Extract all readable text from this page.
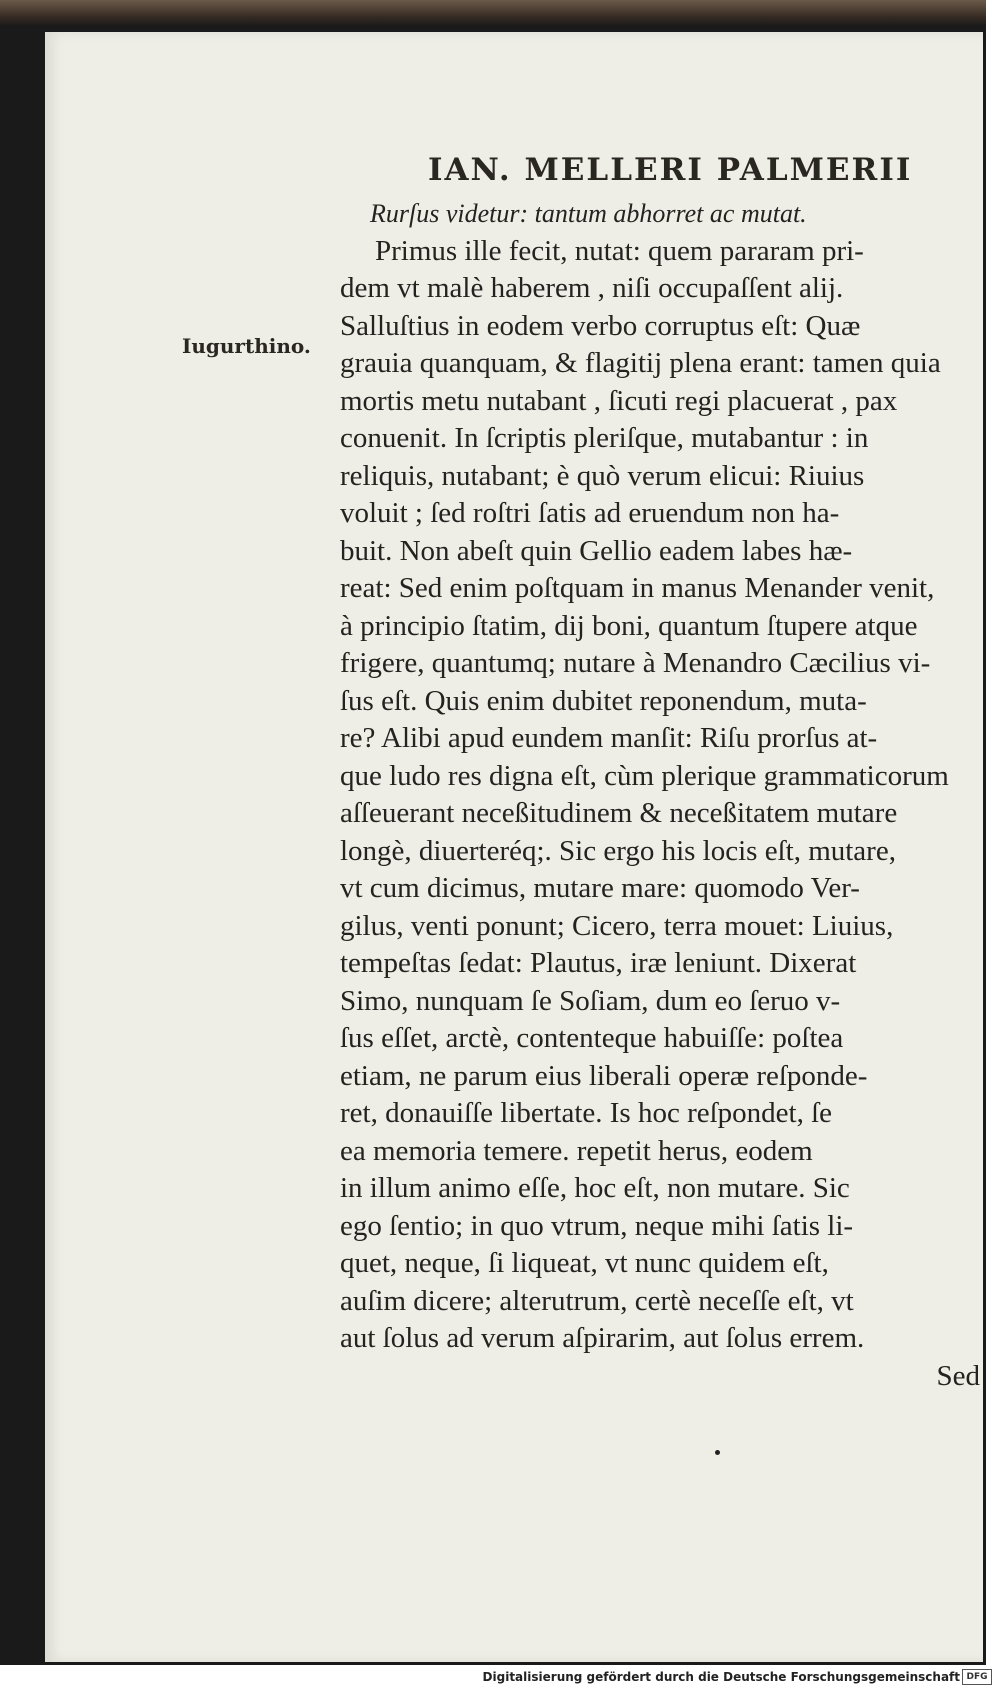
IAN. MELLERI PALMERII
Iugurthino.
Rurſus videtur: tantum abhorret ac mutat.
Primus ille fecit, nutat: quem pararam pri-
dem vt malè haberem , niſi occupaſſent alij.
Salluſtius in eodem verbo corruptus eſt: Quæ
grauia quanquam, & flagitij plena erant: tamen quia
mortis metu nutabant , ſicuti regi placuerat , pax
conuenit. In ſcriptis pleriſque, mutabantur : in
reliquis, nutabant; è quò verum elicui: Riuius
voluit ; ſed roſtri ſatis ad eruendum non ha-
buit. Non abeſt quin Gellio eadem labes hæ-
reat: Sed enim poſtquam in manus Menander venit,
à principio ſtatim, dij boni, quantum ſtupere atque
frigere, quantumq; nutare à Menandro Cæcilius vi-
ſus eſt. Quis enim dubitet reponendum, muta-
re? Alibi apud eundem manſit: Riſu prorſus at-
que ludo res digna eſt, cùm plerique grammaticorum
aſſeuerant neceßitudinem & neceßitatem mutare
longè, diuerteréq;. Sic ergo his locis eſt, mutare,
vt cum dicimus, mutare mare: quomodo Ver-
gilus, venti ponunt; Cicero, terra mouet: Liuius,
tempeſtas ſedat: Plautus, iræ leniunt. Dixerat
Simo, nunquam ſe Soſiam, dum eo ſeruo v-
ſus eſſet, arctè, contenteque habuiſſe: poſtea
etiam, ne parum eius liberali operæ reſponde-
ret, donauiſſe libertate. Is hoc reſpondet, ſe
ea memoria temere. repetit herus, eodem
in illum animo eſſe, hoc eſt, non mutare. Sic
ego ſentio; in quo vtrum, neque mihi ſatis li-
quet, neque, ſi liqueat, vt nunc quidem eſt,
auſim dicere; alterutrum, certè neceſſe eſt, vt
aut ſolus ad verum aſpirarim, aut ſolus errem.
Sed
Digitalisierung gefördert durch die Deutsche Forschungsgemeinschaft DFG
